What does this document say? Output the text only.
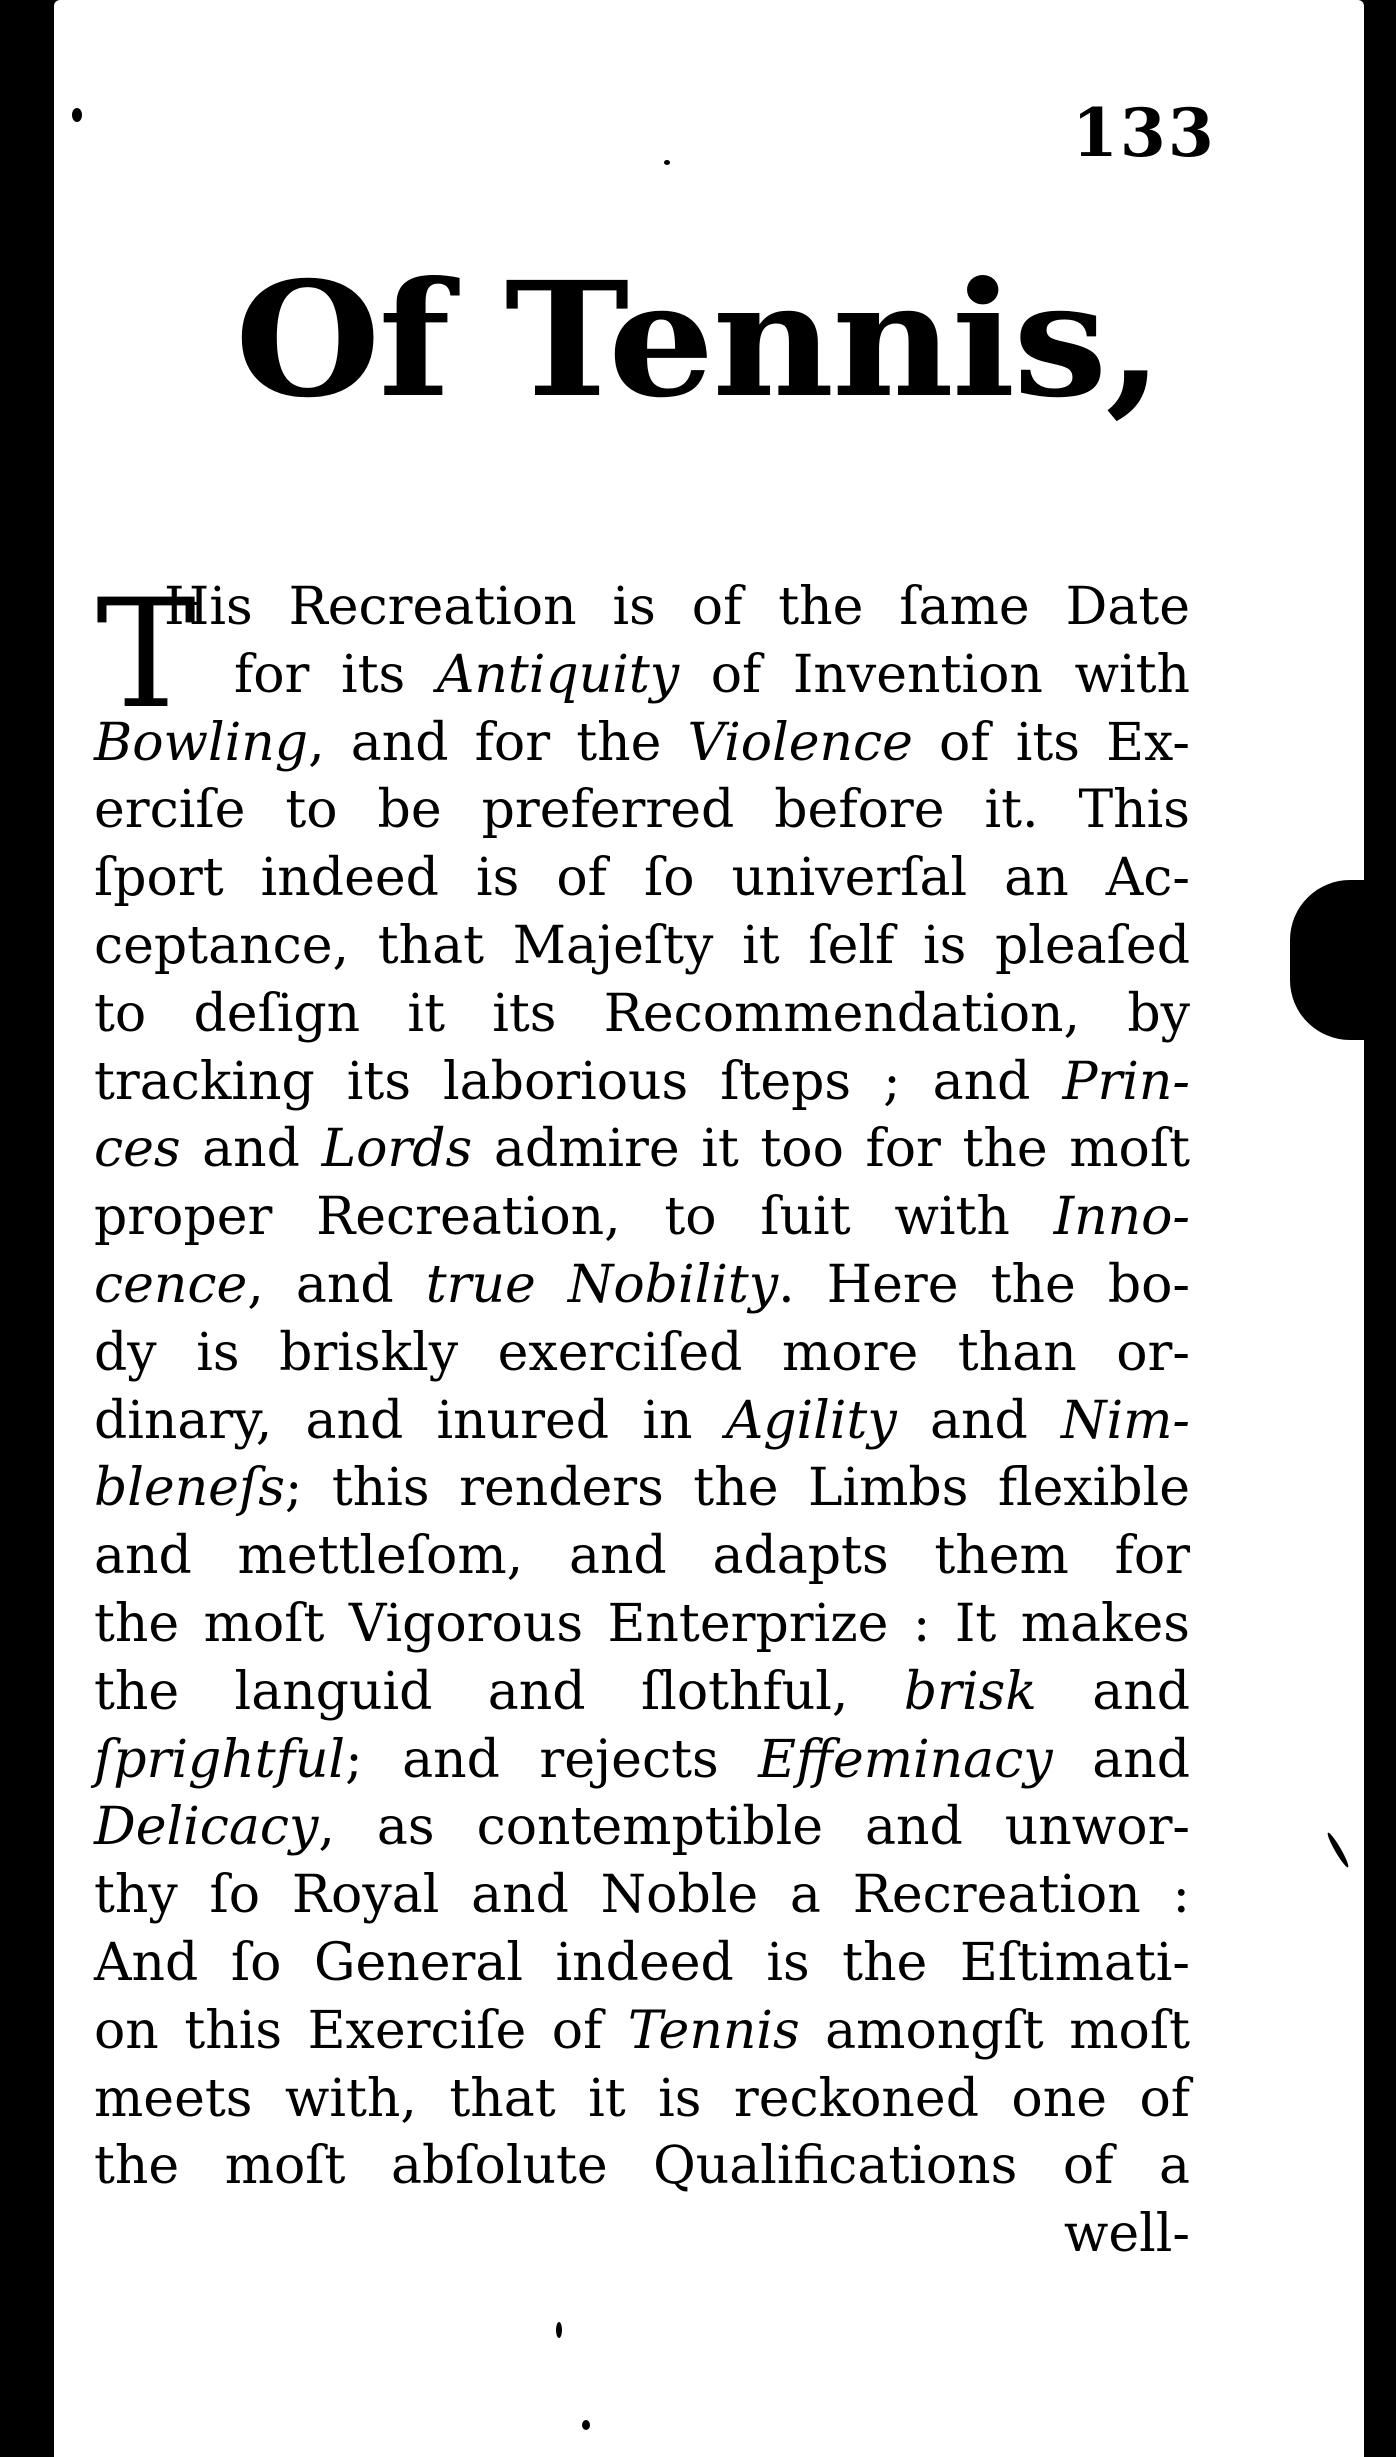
133
Of Tennis,
T
His Recreation is of the ſame Date
for its Antiquity of Invention with
Bowling, and for the Violence of its Ex-
erciſe to be preferred before it. This
ſport indeed is of ſo univerſal an Ac-
ceptance, that Majeſty it ſelf is pleaſed
to deſign it its Recommendation, by
tracking its laborious ſteps ; and Prin-
ces and Lords admire it too for the moſt
proper Recreation, to ſuit with Inno-
cence, and true Nobility. Here the bo-
dy is briskly exerciſed more than or-
dinary, and inured in Agility and Nim-
bleneſs; this renders the Limbs flexible
and mettleſom, and adapts them for
the moſt Vigorous Enterprize : It makes
the languid and ſlothful, brisk and
ſprightful; and rejects Effeminacy and
Delicacy, as contemptible and unwor-
thy ſo Royal and Noble a Recreation :
And ſo General indeed is the Eſtimati-
on this Exerciſe of Tennis amongſt moſt
meets with, that it is reckoned one of
the moſt abſolute Qualifications of a
well-
